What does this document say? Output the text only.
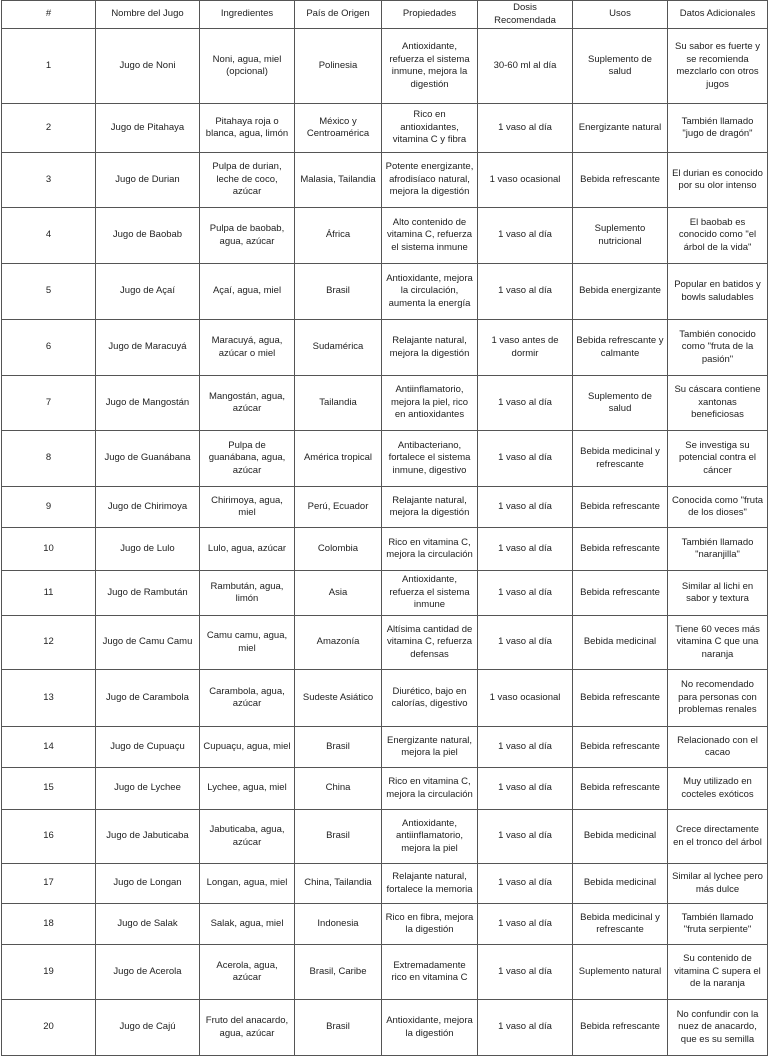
#	Nombre del Jugo	Ingredientes	País de Origen	Propiedades	Dosis Recomendada	Usos	Datos Adicionales
1	Jugo de Noni	Noni, agua, miel (opcional)	Polinesia	Antioxidante, refuerza el sistema inmune, mejora la digestión	30-60 ml al día	Suplemento de salud	Su sabor es fuerte y se recomienda mezclarlo con otros jugos
2	Jugo de Pitahaya	Pitahaya roja o blanca, agua, limón	México y Centroamérica	Rico en antioxidantes, vitamina C y fibra	1 vaso al día	Energizante natural	También llamado "jugo de dragón"
3	Jugo de Durian	Pulpa de durian, leche de coco, azúcar	Malasia, Tailandia	Potente energizante, afrodisíaco natural, mejora la digestión	1 vaso ocasional	Bebida refrescante	El durian es conocido por su olor intenso
4	Jugo de Baobab	Pulpa de baobab, agua, azúcar	África	Alto contenido de vitamina C, refuerza el sistema inmune	1 vaso al día	Suplemento nutricional	El baobab es conocido como "el árbol de la vida"
5	Jugo de Açaí	Açaí, agua, miel	Brasil	Antioxidante, mejora la circulación, aumenta la energía	1 vaso al día	Bebida energizante	Popular en batidos y bowls saludables
6	Jugo de Maracuyá	Maracuyá, agua, azúcar o miel	Sudamérica	Relajante natural, mejora la digestión	1 vaso antes de dormir	Bebida refrescante y calmante	También conocido como "fruta de la pasión"
7	Jugo de Mangostán	Mangostán, agua, azúcar	Tailandia	Antiinflamatorio, mejora la piel, rico en antioxidantes	1 vaso al día	Suplemento de salud	Su cáscara contiene xantonas beneficiosas
8	Jugo de Guanábana	Pulpa de guanábana, agua, azúcar	América tropical	Antibacteriano, fortalece el sistema inmune, digestivo	1 vaso al día	Bebida medicinal y refrescante	Se investiga su potencial contra el cáncer
9	Jugo de Chirimoya	Chirimoya, agua, miel	Perú, Ecuador	Relajante natural, mejora la digestión	1 vaso al día	Bebida refrescante	Conocida como "fruta de los dioses"
10	Jugo de Lulo	Lulo, agua, azúcar	Colombia	Rico en vitamina C, mejora la circulación	1 vaso al día	Bebida refrescante	También llamado "naranjilla"
11	Jugo de Rambután	Rambután, agua, limón	Asia	Antioxidante, refuerza el sistema inmune	1 vaso al día	Bebida refrescante	Similar al lichi en sabor y textura
12	Jugo de Camu Camu	Camu camu, agua, miel	Amazonía	Altísima cantidad de vitamina C, refuerza defensas	1 vaso al día	Bebida medicinal	Tiene 60 veces más vitamina C que una naranja
13	Jugo de Carambola	Carambola, agua, azúcar	Sudeste Asiático	Diurético, bajo en calorías, digestivo	1 vaso ocasional	Bebida refrescante	No recomendado para personas con problemas renales
14	Jugo de Cupuaçu	Cupuaçu, agua, miel	Brasil	Energizante natural, mejora la piel	1 vaso al día	Bebida refrescante	Relacionado con el cacao
15	Jugo de Lychee	Lychee, agua, miel	China	Rico en vitamina C, mejora la circulación	1 vaso al día	Bebida refrescante	Muy utilizado en cocteles exóticos
16	Jugo de Jabuticaba	Jabuticaba, agua, azúcar	Brasil	Antioxidante, antiinflamatorio, mejora la piel	1 vaso al día	Bebida medicinal	Crece directamente en el tronco del árbol
17	Jugo de Longan	Longan, agua, miel	China, Tailandia	Relajante natural, fortalece la memoria	1 vaso al día	Bebida medicinal	Similar al lychee pero más dulce
18	Jugo de Salak	Salak, agua, miel	Indonesia	Rico en fibra, mejora la digestión	1 vaso al día	Bebida medicinal y refrescante	También llamado "fruta serpiente"
19	Jugo de Acerola	Acerola, agua, azúcar	Brasil, Caribe	Extremadamente rico en vitamina C	1 vaso al día	Suplemento natural	Su contenido de vitamina C supera el de la naranja
20	Jugo de Cajú	Fruto del anacardo, agua, azúcar	Brasil	Antioxidante, mejora la digestión	1 vaso al día	Bebida refrescante	No confundir con la nuez de anacardo, que es su semilla
